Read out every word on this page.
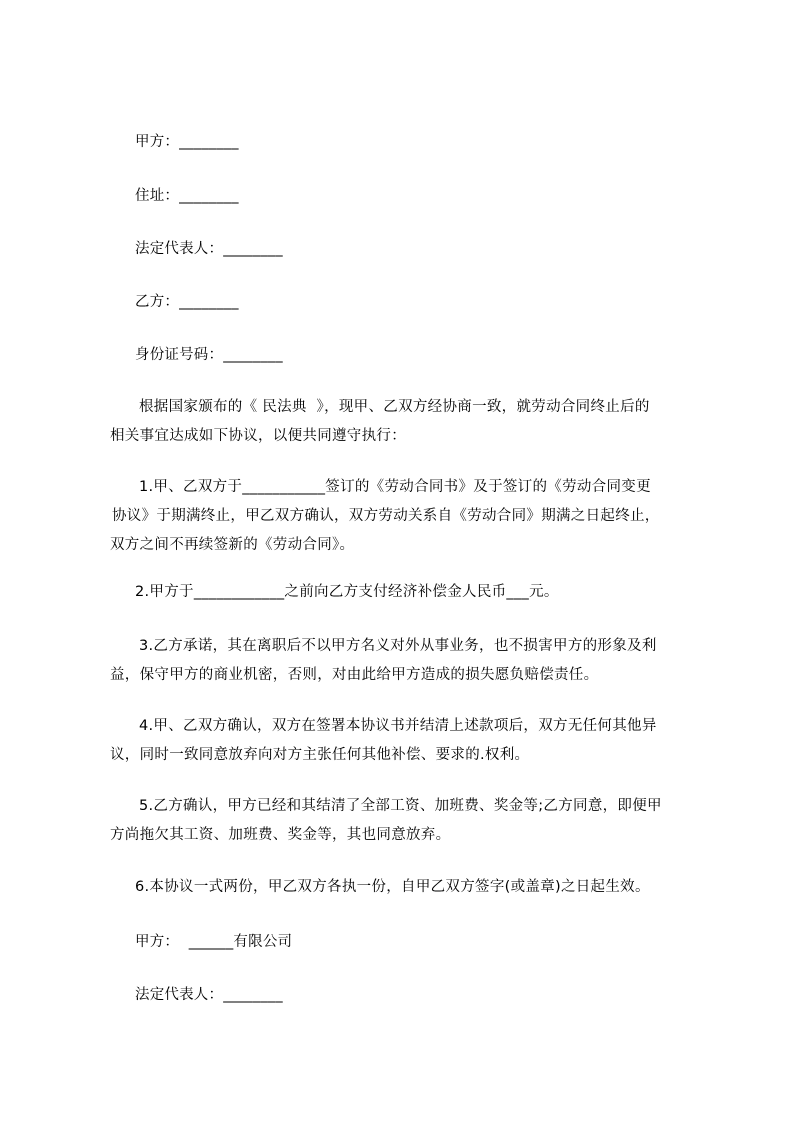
甲方：________
住址：________
法定代表人：________
乙方：________
身份证号码：________
根据国家颁布的《 民法典  》，现甲、乙双方经协商一致，就劳动合同终止后的
相关事宜达成如下协议，以便共同遵守执行：
1.甲、乙双方于___________签订的《劳动合同书》及于签订的《劳动合同变更
协议》于期满终止，甲乙双方确认，双方劳动关系自《劳动合同》期满之日起终止，
双方之间不再续签新的《劳动合同》。
2.甲方于____________之前向乙方支付经济补偿金人民币___元。
3.乙方承诺，其在离职后不以甲方名义对外从事业务，也不损害甲方的形象及利
益，保守甲方的商业机密，否则，对由此给甲方造成的损失愿负赔偿责任。
4.甲、乙双方确认，双方在签署本协议书并结清上述款项后，双方无任何其他异
议，同时一致同意放弃向对方主张任何其他补偿、要求的.权利。
5.乙方确认，甲方已经和其结清了全部工资、加班费、奖金等;乙方同意，即便甲
方尚拖欠其工资、加班费、奖金等，其也同意放弃。
6.本协议一式两份，甲乙双方各执一份，自甲乙双方签字(或盖章)之日起生效。
甲方：  ______有限公司
法定代表人：________
